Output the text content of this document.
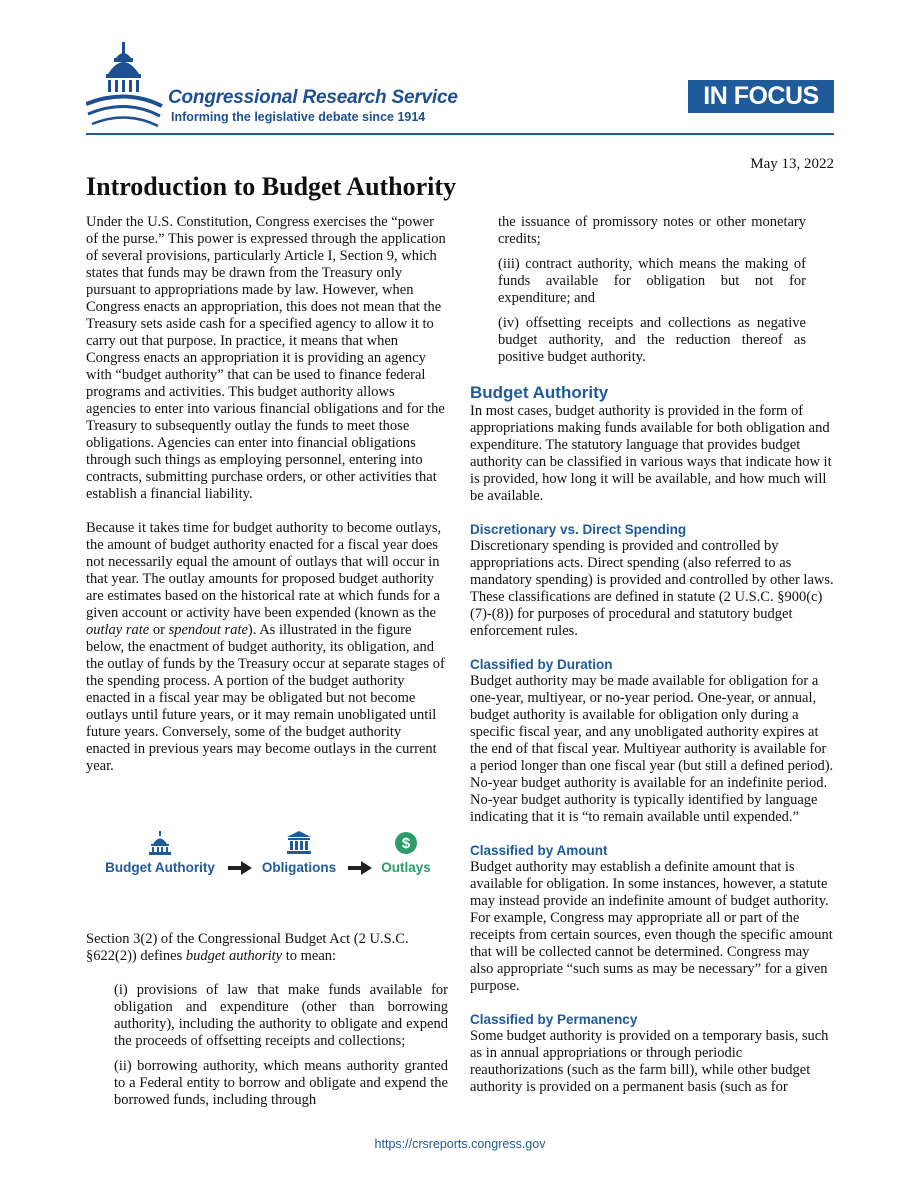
Congressional Research Service
Informing the legislative debate since 1914
IN FOCUS
May 13, 2022
Introduction to Budget Authority

Under the U.S. Constitution, Congress exercises the “power of the purse.” This power is expressed through the application of several provisions, particularly Article I, Section 9, which states that funds may be drawn from the Treasury only pursuant to appropriations made by law. However, when Congress enacts an appropriation, this does not mean that the Treasury sets aside cash for a specified agency to allow it to carry out that purpose. In practice, it means that when Congress enacts an appropriation it is providing an agency with “budget authority” that can be used to finance federal programs and activities. This budget authority allows agencies to enter into various financial obligations and for the Treasury to subsequently outlay the funds to meet those obligations. Agencies can enter into financial obligations through such things as employing personnel, entering into contracts, submitting purchase orders, or other activities that establish a financial liability.

Because it takes time for budget authority to become outlays, the amount of budget authority enacted for a fiscal year does not necessarily equal the amount of outlays that will occur in that year. The outlay amounts for proposed budget authority are estimates based on the historical rate at which funds for a given account or activity have been expended (known as the outlay rate or spendout rate). As illustrated in the figure below, the enactment of budget authority, its obligation, and the outlay of funds by the Treasury occur at separate stages of the spending process. A portion of the budget authority enacted in a fiscal year may be obligated but not become outlays until future years, or it may remain unobligated until future years. Conversely, some of the budget authority enacted in previous years may become outlays in the current year.

Budget Authority	Obligations
$
Outlays

Section 3(2) of the Congressional Budget Act (2 U.S.C. §622(2)) defines budget authority to mean:

(i) provisions of law that make funds available for obligation and expenditure (other than borrowing authority), including the authority to obligate and expend the proceeds of offsetting receipts and collections;

(ii) borrowing authority, which means authority granted to a Federal entity to borrow and obligate and expend the borrowed funds, including through

the issuance of promissory notes or other monetary credits;

(iii) contract authority, which means the making of funds available for obligation but not for expenditure; and

(iv) offsetting receipts and collections as negative budget authority, and the reduction thereof as positive budget authority.

Budget Authority

In most cases, budget authority is provided in the form of appropriations making funds available for both obligation and expenditure. The statutory language that provides budget authority can be classified in various ways that indicate how it is provided, how long it will be available, and how much will be available.

Discretionary vs. Direct Spending

Discretionary spending is provided and controlled by appropriations acts. Direct spending (also referred to as mandatory spending) is provided and controlled by other laws. These classifications are defined in statute (2 U.S.C. §900(c)(7)-(8)) for purposes of procedural and statutory budget enforcement rules.

Classified by Duration

Budget authority may be made available for obligation for a one-year, multiyear, or no-year period. One-year, or annual, budget authority is available for obligation only during a specific fiscal year, and any unobligated authority expires at the end of that fiscal year. Multiyear authority is available for a period longer than one fiscal year (but still a defined period). No-year budget authority is available for an indefinite period. No-year budget authority is typically identified by language indicating that it is “to remain available until expended.”

Classified by Amount

Budget authority may establish a definite amount that is available for obligation. In some instances, however, a statute may instead provide an indefinite amount of budget authority. For example, Congress may appropriate all or part of the receipts from certain sources, even though the specific amount that will be collected cannot be determined. Congress may also appropriate “such sums as may be necessary” for a given purpose.

Classified by Permanency

Some budget authority is provided on a temporary basis, such as in annual appropriations or through periodic reauthorizations (such as the farm bill), while other budget authority is provided on a permanent basis (such as for

https://crsreports.congress.gov
